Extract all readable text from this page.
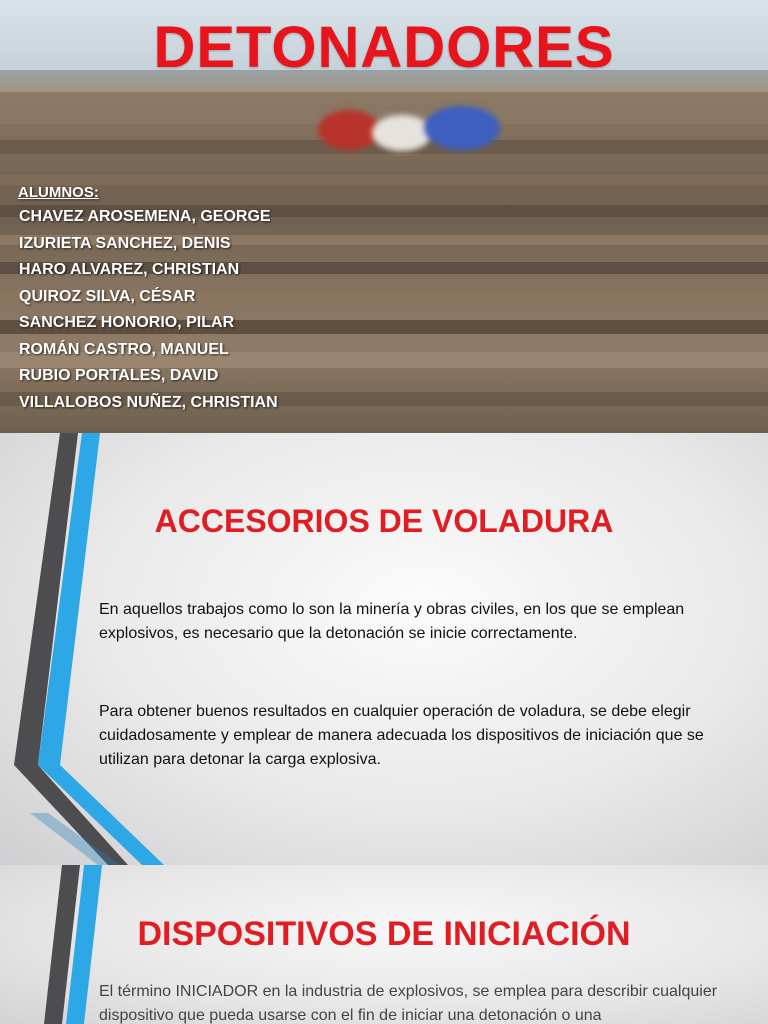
DETONADORES
ALUMNOS:
CHAVEZ AROSEMENA, GEORGE
IZURIETA SANCHEZ, DENIS
HARO ALVAREZ, CHRISTIAN
QUIROZ SILVA, CÉSAR
SANCHEZ HONORIO, PILAR
ROMÁN CASTRO, MANUEL
RUBIO PORTALES, DAVID
VILLALOBOS NUÑEZ, CHRISTIAN
ACCESORIOS DE VOLADURA
En aquellos trabajos como lo son la minería y obras civiles, en los que se emplean explosivos, es necesario que la detonación se inicie correctamente.
Para obtener buenos resultados en cualquier operación de voladura, se debe elegir cuidadosamente y emplear de manera adecuada los dispositivos de iniciación que se utilizan para detonar la carga explosiva.
DISPOSITIVOS DE INICIACIÓN
El término INICIADOR en la industria de explosivos, se emplea para describir cualquier dispositivo que pueda usarse con el fin de iniciar una detonación o una
